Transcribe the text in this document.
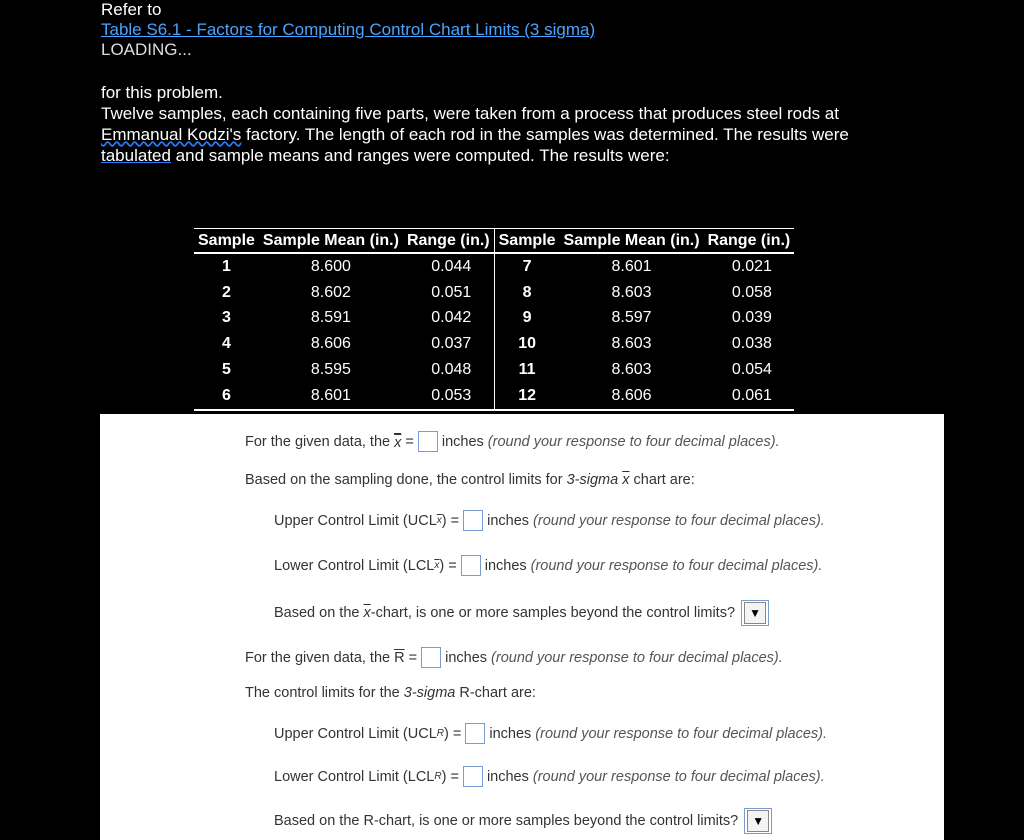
Refer to
Table S6.1 - Factors for Computing Control Chart Limits (3 sigma)
LOADING...
for this problem.
Twelve samples, each containing five parts, were taken from a process that produces steel rods at
Emmanual Kodzi's factory. The length of each rod in the samples was determined. The results were
tabulated and sample means and ranges were computed. The results were:
Sample	Sample Mean (in.)	Range (in.)	Sample	Sample Mean (in.)	Range (in.)
1	8.600	0.044	7	8.601	0.021
2	8.602	0.051	8	8.603	0.058
3	8.591	0.042	9	8.597	0.039
4	8.606	0.037	10	8.603	0.038
5	8.595	0.048	11	8.603	0.054
6	8.601	0.053	12	8.606	0.061
For the given data, the
$\overline{x}$
= inches (round your response to four decimal places).
Based on the sampling done, the control limits for
3-sigma
$\overline{x}$
chart are:
Upper Control Limit (UCL $\overline{x}$ )
= inches (round your response to four decimal places).
Lower Control Limit (LCL $\overline{x}$ )
= inches (round your response to four decimal places).
Based on the
$\overline{x}$ -chart, is one or more samples beyond the control limits?	▼
For the given data, the
$\overline{R}$
= inches (round your response to four decimal places).
The control limits for the
3-sigma
R-chart are:
Upper Control Limit (UCL R )
= inches (round your response to four decimal places).
Lower Control Limit (LCL R )
= inches (round your response to four decimal places).
Based on the R-chart, is one or more samples beyond the control limits?	▼
